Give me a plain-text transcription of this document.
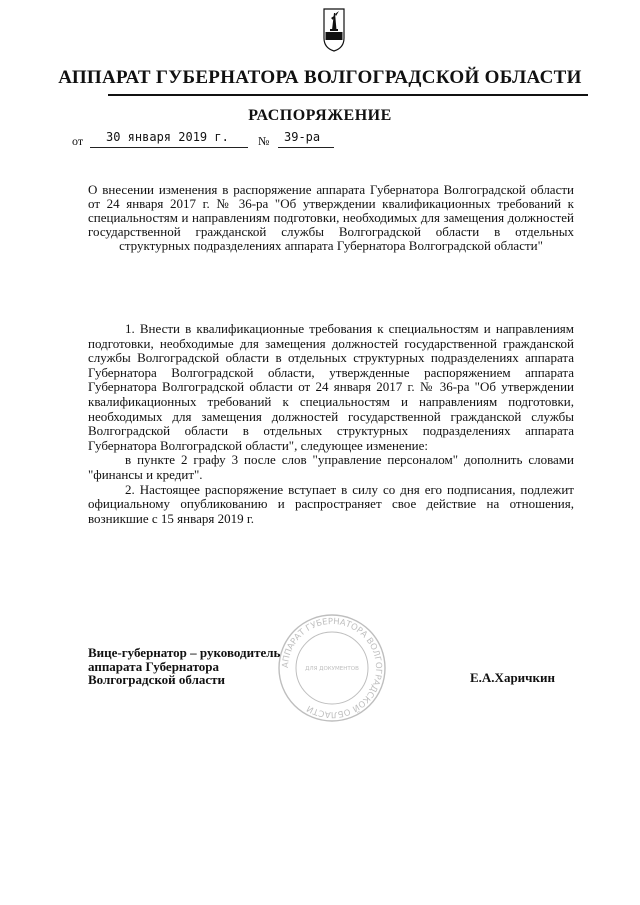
АППАРАТ ГУБЕРНАТОРА ВОЛГОГРАДСКОЙ ОБЛАСТИ
РАСПОРЯЖЕНИЕ
от 30 января 2019 г. № 39-ра
О внесении изменения в распоряжение аппарата Губернатора Волгоградской области от 24 января 2017 г. № 36-ра "Об утверждении квалификационных требований к специальностям и направлениям подготовки, необходимых для замещения должностей государственной гражданской службы Волгоградской области в отдельных структурных подразделениях аппарата Губернатора Волгоградской области"

1. Внести в квалификационные требования к специальностям и направлениям подготовки, необходимые для замещения должностей государственной гражданской службы Волгоградской области в отдельных структурных подразделениях аппарата Губернатора Волгоградской области, утвержденные распоряжением аппарата Губернатора Волгоградской области от 24 января 2017 г. № 36-ра "Об утверждении квалификационных требований к специальностям и направлениям подготовки, необходимых для замещения должностей государственной гражданской службы Волгоградской области в отдельных структурных подразделениях аппарата Губернатора Волгоградской области", следующее изменение:

в пункте 2 графу 3 после слов "управление персоналом" дополнить словами "финансы и кредит".

2. Настоящее распоряжение вступает в силу со дня его подписания, подлежит официальному опубликованию и распространяет свое действие на отношения, возникшие с 15 января 2019 г.

АППАРАТ ГУБЕРНАТОРА ВОЛГОГРАДСКОЙ ОБЛАСТИ
ДЛЯ ДОКУМЕНТОВ
Вице-губернатор – руководитель
аппарата Губернатора
Волгоградской области	Е.А.Харичкин
